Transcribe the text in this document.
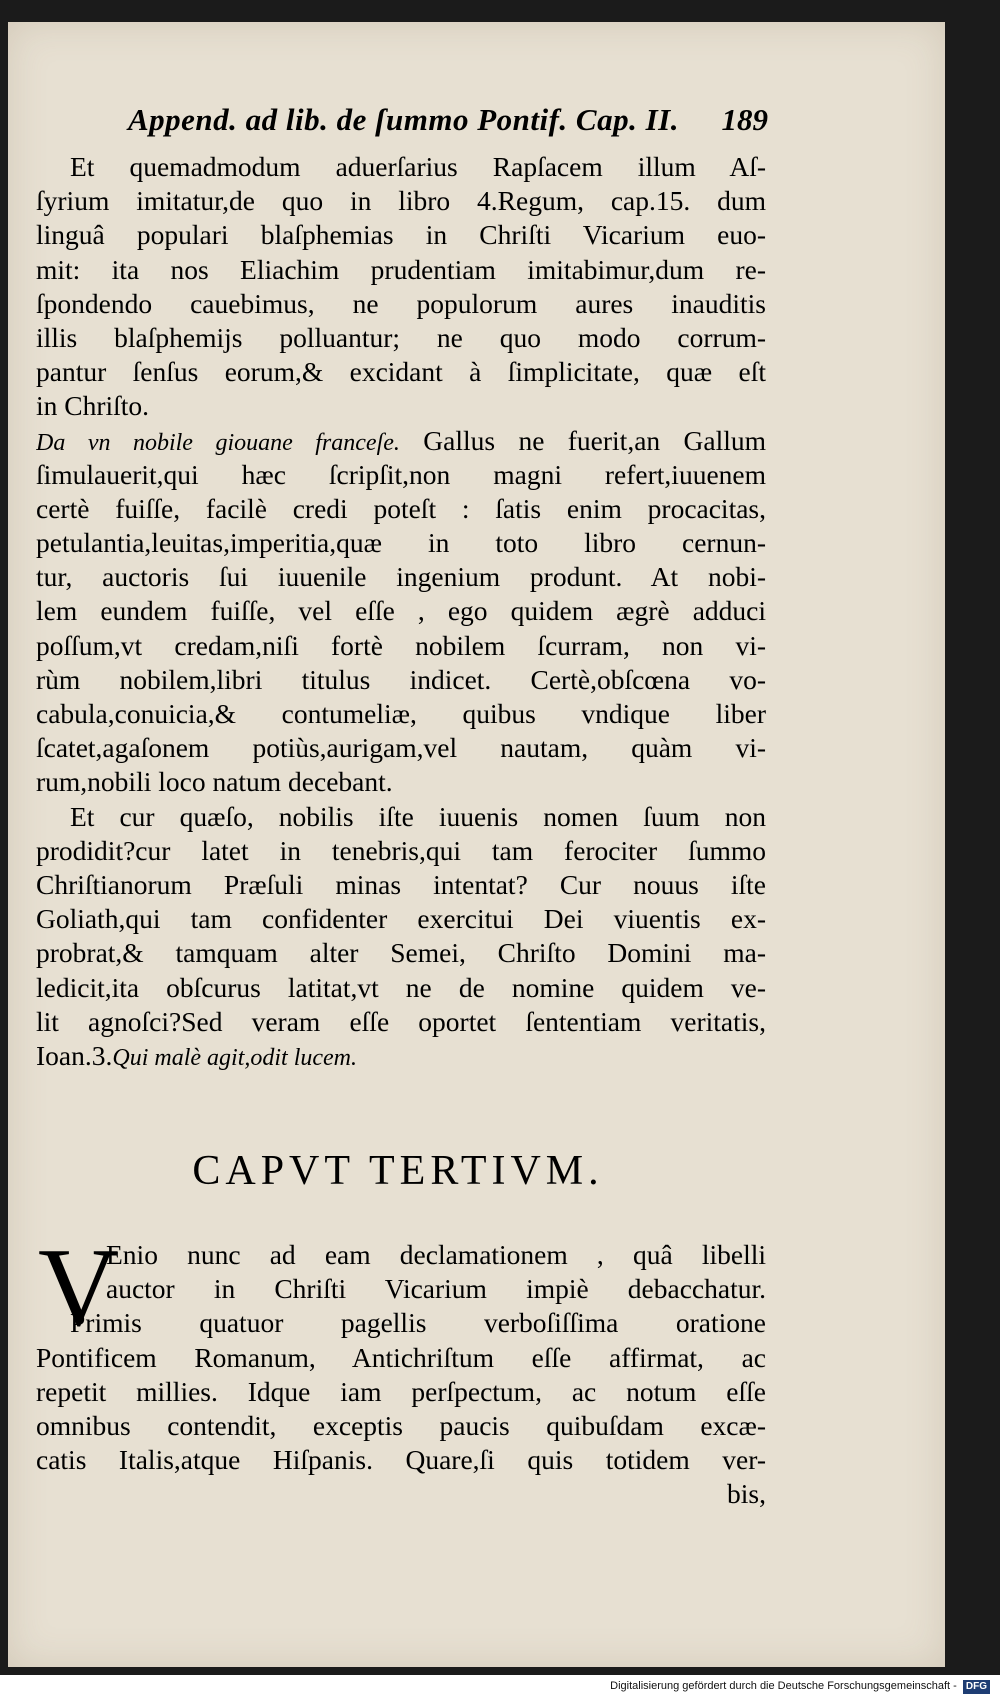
Append. ad lib. de ſummo Pontif. Cap. II. 189
Et quemadmodum aduerſarius Rapſacem illum Aſ-
ſyrium imitatur,de quo in libro 4.Regum, cap.15. dum
linguâ populari blaſphemias in Chriſti Vicarium euo-
mit: ita nos Eliachim prudentiam imitabimur,dum re-
ſpondendo cauebimus, ne populorum aures inauditis
illis blaſphemijs polluantur; ne quo modo corrum-
pantur ſenſus eorum,& excidant à ſimplicitate, quæ eſt
in Chriſto.
Da vn nobile giouane franceſe. Gallus ne fuerit,an Gallum
ſimulauerit,qui hæc ſcripſit,non magni refert,iuuenem
certè fuiſſe, facilè credi poteſt : ſatis enim procacitas,
petulantia,leuitas,imperitia,quæ in toto libro cernun-
tur, auctoris ſui iuuenile ingenium produnt. At nobi-
lem eundem fuiſſe, vel eſſe , ego quidem ægrè adduci
poſſum,vt credam,niſi fortè nobilem ſcurram, non vi-
rùm nobilem,libri titulus indicet. Certè,obſcœna vo-
cabula,conuicia,& contumeliæ, quibus vndique liber
ſcatet,agaſonem potiùs,aurigam,vel nautam, quàm vi-
rum,nobili loco natum decebant.
Et cur quæſo, nobilis iſte iuuenis nomen ſuum non
prodidit?cur latet in tenebris,qui tam ferociter ſummo
Chriſtianorum Præſuli minas intentat? Cur nouus iſte
Goliath,qui tam confidenter exercitui Dei viuentis ex-
probrat,& tamquam alter Semei, Chriſto Domini ma-
ledicit,ita obſcurus latitat,vt ne de nomine quidem ve-
lit agnoſci?Sed veram eſſe oportet ſententiam veritatis,
Ioan.3.Qui malè agit,odit lucem.
CAPVT TERTIVM.
V
Enio nunc ad eam declamationem , quâ libelli
auctor in Chriſti Vicarium impiè debacchatur.
Primis quatuor pagellis verboſiſſima oratione
Pontificem Romanum, Antichriſtum eſſe affirmat, ac
repetit millies. Idque iam perſpectum, ac notum eſſe
omnibus contendit, exceptis paucis quibuſdam excæ-
catis Italis,atque Hiſpanis. Quare,ſi quis totidem ver-
bis,
Digitalisierung gefördert durch die Deutsche Forschungsgemeinschaft - DFG
